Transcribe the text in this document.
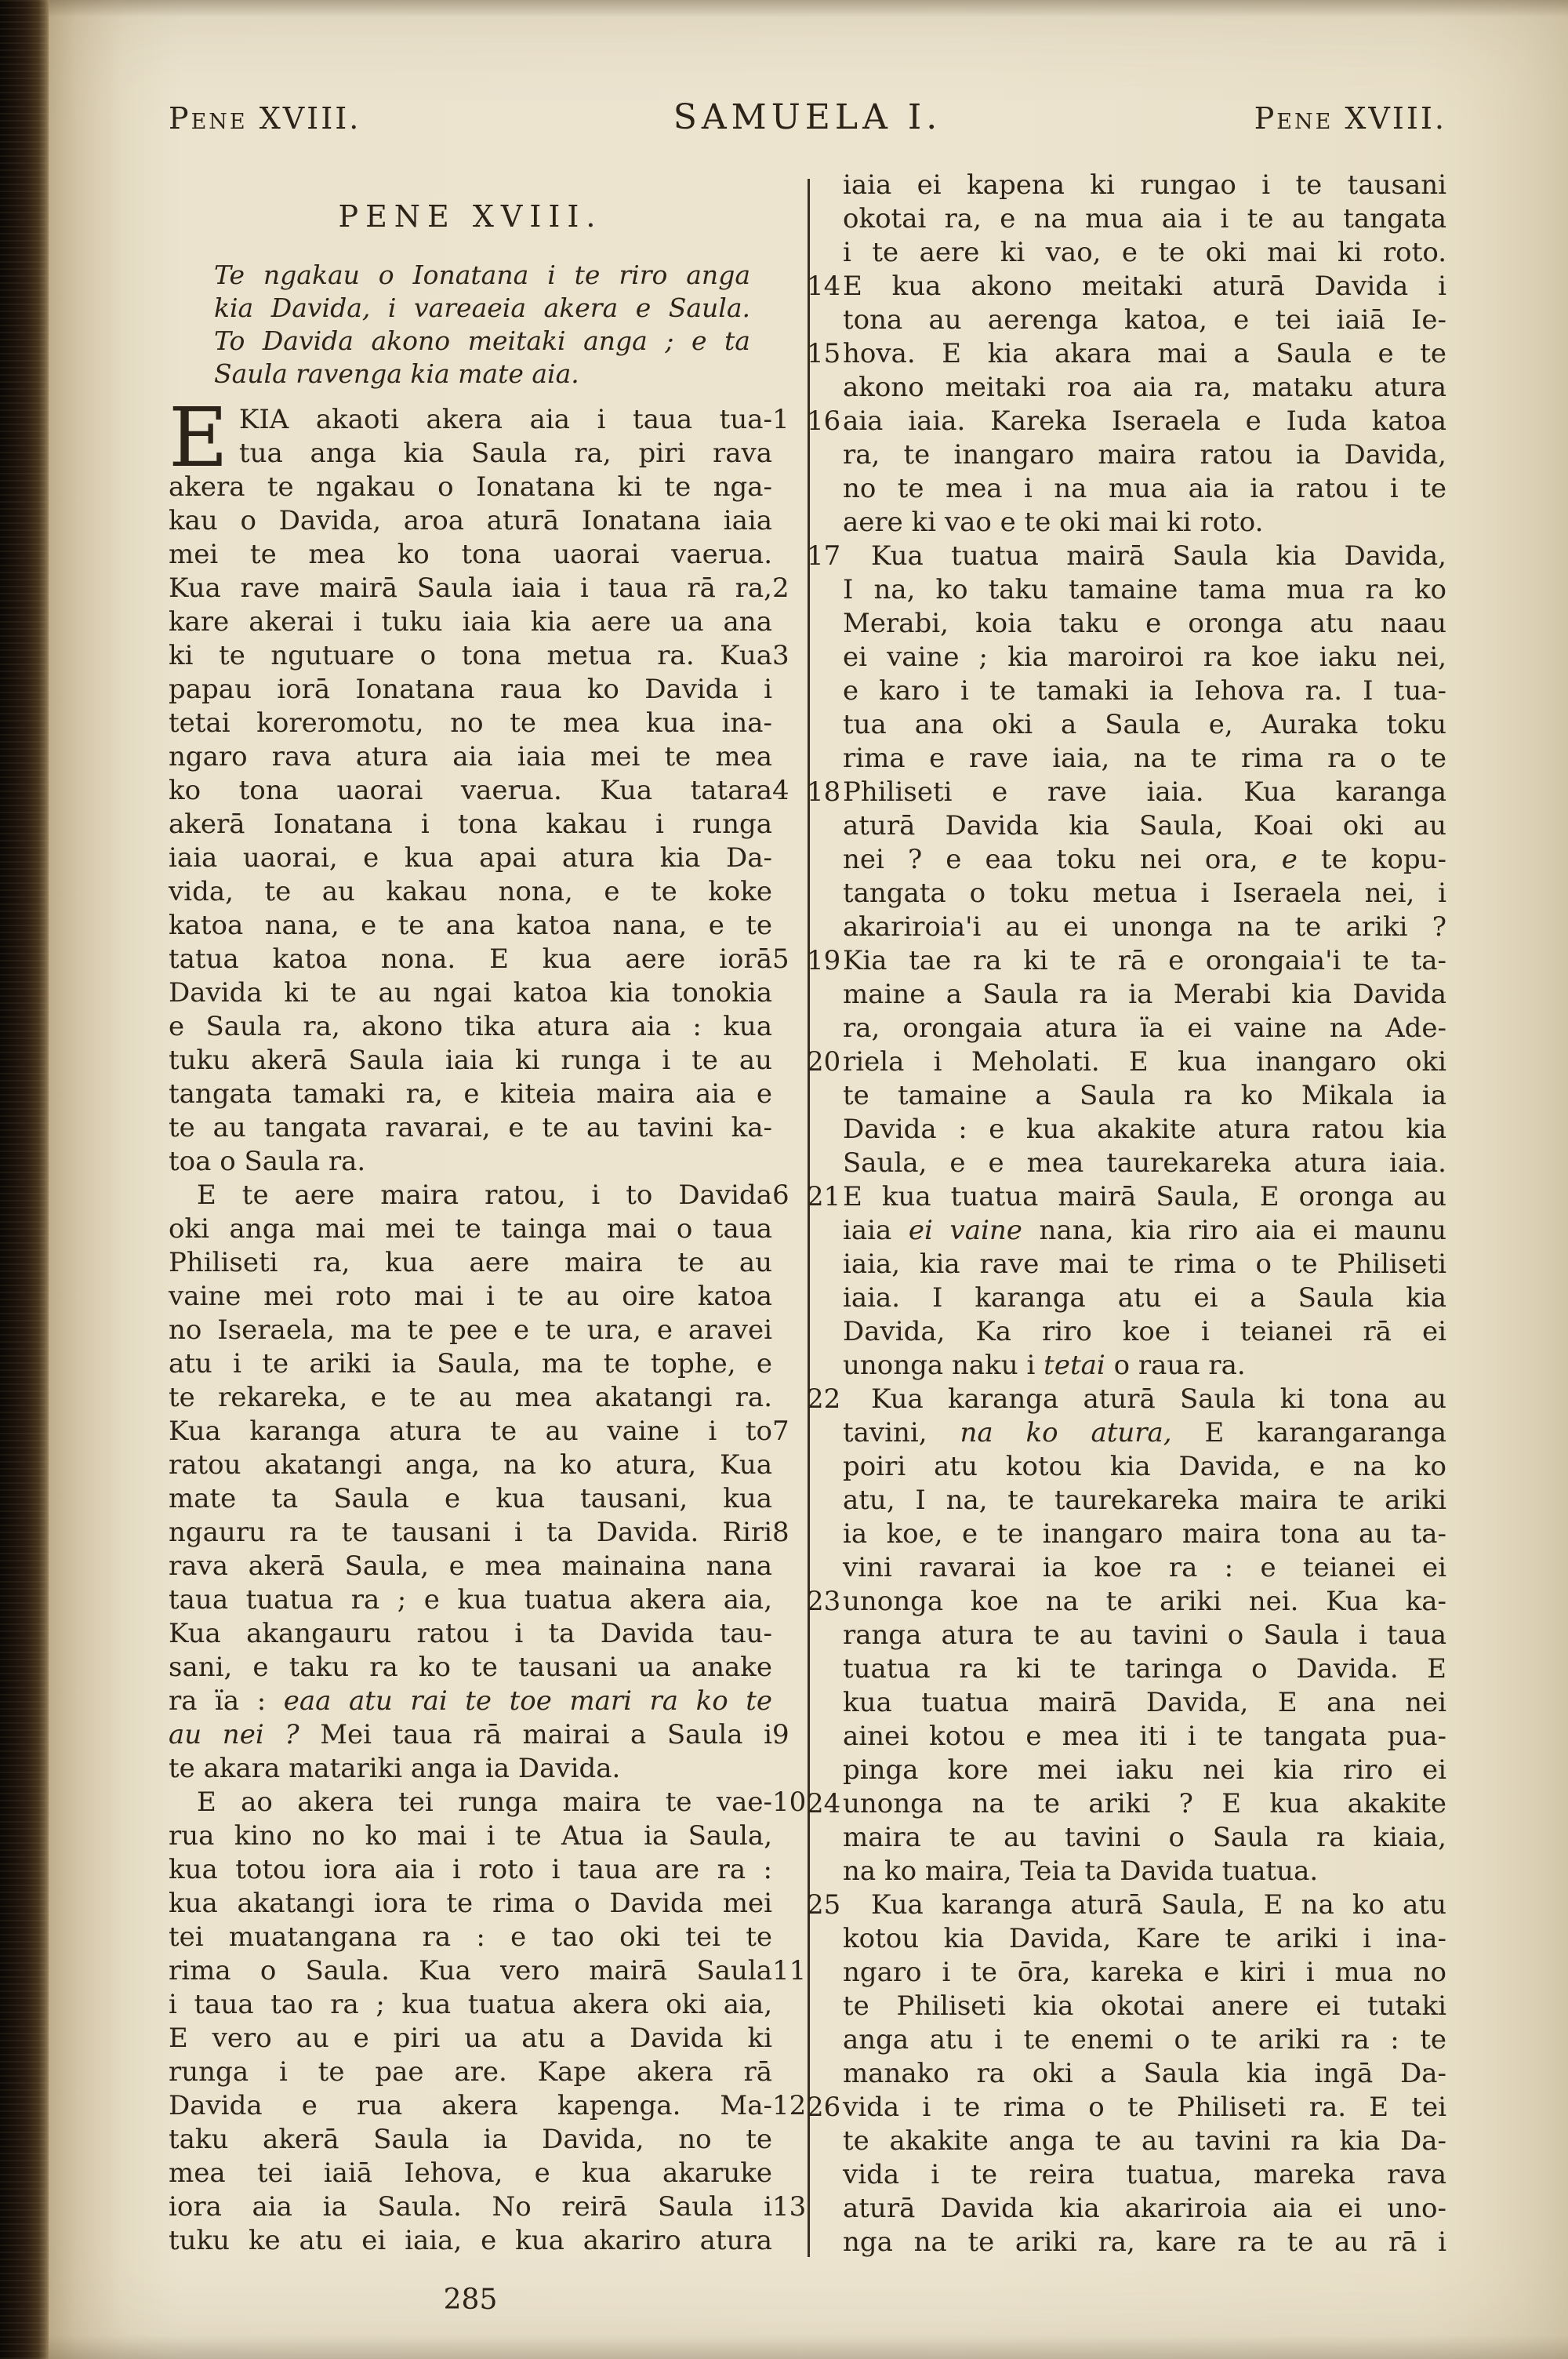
Pene XVIII.	SAMUELA I.	Pene XVIII.
PENE XVIII.
Te ngakau o Ionatana i te riro anga
kia Davida, i vareaeia akera e Saula.
To Davida akono meitaki anga ; e ta
Saula ravenga kia mate aia.
EKIA akaoti akera aia i taua tua- 1
tua anga kia Saula ra, piri rava
akera te ngakau o Ionatana ki te nga-
kau o Davida, aroa aturā Ionatana iaia
mei te mea ko tona uaorai vaerua.
Kua rave mairā Saula iaia i taua rā ra, 2
kare akerai i tuku iaia kia aere ua ana
ki te ngutuare o tona metua ra. Kua 3
papau iorā Ionatana raua ko Davida i
tetai koreromotu, no te mea kua ina-
ngaro rava atura aia iaia mei te mea
ko tona uaorai vaerua. Kua tatara 4
akerā Ionatana i tona kakau i runga
iaia uaorai, e kua apai atura kia Da-
vida, te au kakau nona, e te koke
katoa nana, e te ana katoa nana, e te
tatua katoa nona. E kua aere iorā 5
Davida ki te au ngai katoa kia tonokia
e Saula ra, akono tika atura aia : kua
tuku akerā Saula iaia ki runga i te au
tangata tamaki ra, e kiteia maira aia e
te au tangata ravarai, e te au tavini ka-
toa o Saula ra.
E te aere maira ratou, i to Davida 6
oki anga mai mei te tainga mai o taua
Philiseti ra, kua aere maira te au
vaine mei roto mai i te au oire katoa
no Iseraela, ma te pee e te ura, e aravei
atu i te ariki ia Saula, ma te tophe, e
te rekareka, e te au mea akatangi ra.
Kua karanga atura te au vaine i to 7
ratou akatangi anga, na ko atura, Kua
mate ta Saula e kua tausani, kua
ngauru ra te tausani i ta Davida. Riri 8
rava akerā Saula, e mea mainaina nana
taua tuatua ra ; e kua tuatua akera aia,
Kua akangauru ratou i ta Davida tau-
sani, e taku ra ko te tausani ua anake
ra ïa : eaa atu rai te toe mari ra ko te
au nei ? Mei taua rā mairai a Saula i 9
te akara matariki anga ia Davida.
E ao akera tei runga maira te vae- 10
rua kino no ko mai i te Atua ia Saula,
kua totou iora aia i roto i taua are ra :
kua akatangi iora te rima o Davida mei
tei muatangana ra : e tao oki tei te
rima o Saula. Kua vero mairā Saula 11
i taua tao ra ; kua tuatua akera oki aia,
E vero au e piri ua atu a Davida ki
runga i te pae are. Kape akera rā
Davida e rua akera kapenga. Ma- 12
taku akerā Saula ia Davida, no te
mea tei iaiā Iehova, e kua akaruke
iora aia ia Saula. No reirā Saula i 13
tuku ke atu ei iaia, e kua akariro atura
iaia ei kapena ki rungao i te tausani
okotai ra, e na mua aia i te au tangata
i te aere ki vao, e te oki mai ki roto.
E kua akono meitaki aturā Davida i
14
tona au aerenga katoa, e tei iaiā Ie-
hova. E kia akara mai a Saula e te
15
akono meitaki roa aia ra, mataku atura
aia iaia. Kareka Iseraela e Iuda katoa
16
ra, te inangaro maira ratou ia Davida,
no te mea i na mua aia ia ratou i te
aere ki vao e te oki mai ki roto.
Kua tuatua mairā Saula kia Davida,
17
I na, ko taku tamaine tama mua ra ko
Merabi, koia taku e oronga atu naau
ei vaine ; kia maroiroi ra koe iaku nei,
e karo i te tamaki ia Iehova ra. I tua-
tua ana oki a Saula e, Auraka toku
rima e rave iaia, na te rima ra o te
Philiseti e rave iaia. Kua karanga
18
aturā Davida kia Saula, Koai oki au
nei ? e eaa toku nei ora, e te kopu-
tangata o toku metua i Iseraela nei, i
akariroia'i au ei unonga na te ariki ?
Kia tae ra ki te rā e orongaia'i te ta-
19
maine a Saula ra ia Merabi kia Davida
ra, orongaia atura ïa ei vaine na Ade-
riela i Meholati. E kua inangaro oki
20
te tamaine a Saula ra ko Mikala ia
Davida : e kua akakite atura ratou kia
Saula, e e mea taurekareka atura iaia.
E kua tuatua mairā Saula, E oronga au
21
iaia ei vaine nana, kia riro aia ei maunu
iaia, kia rave mai te rima o te Philiseti
iaia. I karanga atu ei a Saula kia
Davida, Ka riro koe i teianei rā ei
unonga naku i tetai o raua ra.
Kua karanga aturā Saula ki tona au
22
tavini, na ko atura, E karangaranga
poiri atu kotou kia Davida, e na ko
atu, I na, te taurekareka maira te ariki
ia koe, e te inangaro maira tona au ta-
vini ravarai ia koe ra : e teianei ei
unonga koe na te ariki nei. Kua ka-
23
ranga atura te au tavini o Saula i taua
tuatua ra ki te taringa o Davida. E
kua tuatua mairā Davida, E ana nei
ainei kotou e mea iti i te tangata pua-
pinga kore mei iaku nei kia riro ei
unonga na te ariki ? E kua akakite
24
maira te au tavini o Saula ra kiaia,
na ko maira, Teia ta Davida tuatua.
Kua karanga aturā Saula, E na ko atu
25
kotou kia Davida, Kare te ariki i ina-
ngaro i te ōra, kareka e kiri i mua no
te Philiseti kia okotai anere ei tutaki
anga atu i te enemi o te ariki ra : te
manako ra oki a Saula kia ingā Da-
vida i te rima o te Philiseti ra. E tei
26
te akakite anga te au tavini ra kia Da-
vida i te reira tuatua, mareka rava
aturā Davida kia akariroia aia ei uno-
nga na te ariki ra, kare ra te au rā i
285
